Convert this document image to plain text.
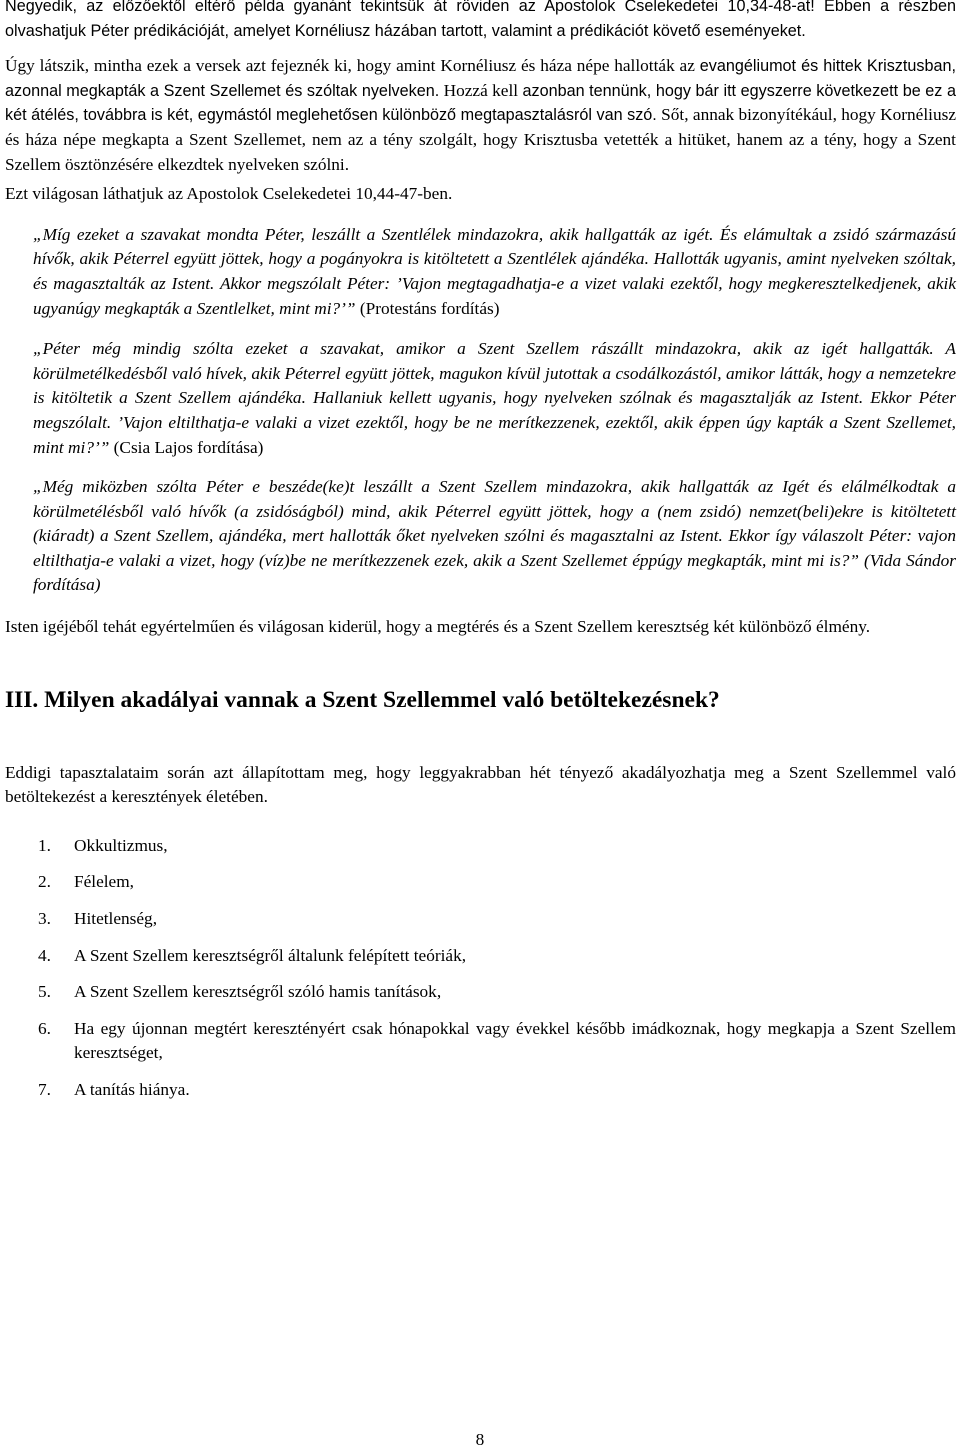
Negyedik, az előzőektől eltérő példa gyanánt tekintsük át röviden az Apostolok Cselekedetei 10,34-48-at! Ebben a részben olvashatjuk Péter prédikációját, amelyet Kornéliusz házában tartott, valamint a prédikációt követő eseményeket.

Úgy látszik, mintha ezek a versek azt fejeznék ki, hogy amint Kornéliusz és háza népe hallották az evangéliumot és hittek Krisztusban, azonnal megkapták a Szent Szellemet és szóltak nyelveken. Hozzá kell azonban tennünk, hogy bár itt egyszerre következett be ez a két átélés, továbbra is két, egymástól meglehetősen különböző megtapasztalásról van szó. Sőt, annak bizonyítékául, hogy Kornéliusz és háza népe megkapta a Szent Szellemet, nem az a tény szolgált, hogy Krisztusba vetették a hitüket, hanem az a tény, hogy a Szent Szellem ösztönzésére elkezdtek nyelveken szólni.

Ezt világosan láthatjuk az Apostolok Cselekedetei 10,44-47-ben.

„Míg ezeket a szavakat mondta Péter, leszállt a Szentlélek mindazokra, akik hallgatták az igét. És elámultak a zsidó származású hívők, akik Péterrel együtt jöttek, hogy a pogányokra is kitöltetett a Szentlélek ajándéka. Hallották ugyanis, amint nyelveken szóltak, és magasztalták az Istent. Akkor megszólalt Péter: ’Vajon megtagadhatja-e a vizet valaki ezektől, hogy megkeresztelkedjenek, akik ugyanúgy megkapták a Szentlelket, mint mi?’” (Protestáns fordítás)

„Péter még mindig szólta ezeket a szavakat, amikor a Szent Szellem rászállt mindazokra, akik az igét hallgatták. A körülmetélkedésből való hívek, akik Péterrel együtt jöttek, magukon kívül jutottak a csodálkozástól, amikor látták, hogy a nemzetekre is kitöltetik a Szent Szellem ajándéka. Hallaniuk kellett ugyanis, hogy nyelveken szólnak és magasztalják az Istent. Ekkor Péter megszólalt. ’Vajon eltilthatja-e valaki a vizet ezektől, hogy be ne merítkezzenek, ezektől, akik éppen úgy kapták a Szent Szellemet, mint mi?’” (Csia Lajos fordítása)

„Még miközben szólta Péter e beszéde(ke)t leszállt a Szent Szellem mindazokra, akik hallgatták az Igét és elálmélkodtak a körülmetélésből való hívők (a zsidóságból) mind, akik Péterrel együtt jöttek, hogy a (nem zsidó) nemzet(beli)ekre is kitöltetett (kiáradt) a Szent Szellem, ajándéka, mert hallották őket nyelveken szólni és magasztalni az Istent. Ekkor így válaszolt Péter: vajon eltilthatja-e valaki a vizet, hogy (víz)be ne merítkezzenek ezek, akik a Szent Szellemet éppúgy megkapták, mint mi is?” (Vida Sándor fordítása)

Isten igéjéből tehát egyértelműen és világosan kiderül, hogy a megtérés és a Szent Szellem keresztség két különböző élmény.

III. Milyen akadályai vannak a Szent Szellemmel való betöltekezésnek?

Eddigi tapasztalataim során azt állapítottam meg, hogy leggyakrabban hét tényező akadályozhatja meg a Szent Szellemmel való betöltekezést a keresztények életében.

1. Okkultizmus,
2. Félelem,
3. Hitetlenség,
4. A Szent Szellem keresztségről általunk felépített teóriák,
5. A Szent Szellem keresztségről szóló hamis tanítások,
6. Ha egy újonnan megtért keresztényért csak hónapokkal vagy évekkel később imádkoznak, hogy megkapja a Szent Szellem keresztséget,
7. A tanítás hiánya.
8
